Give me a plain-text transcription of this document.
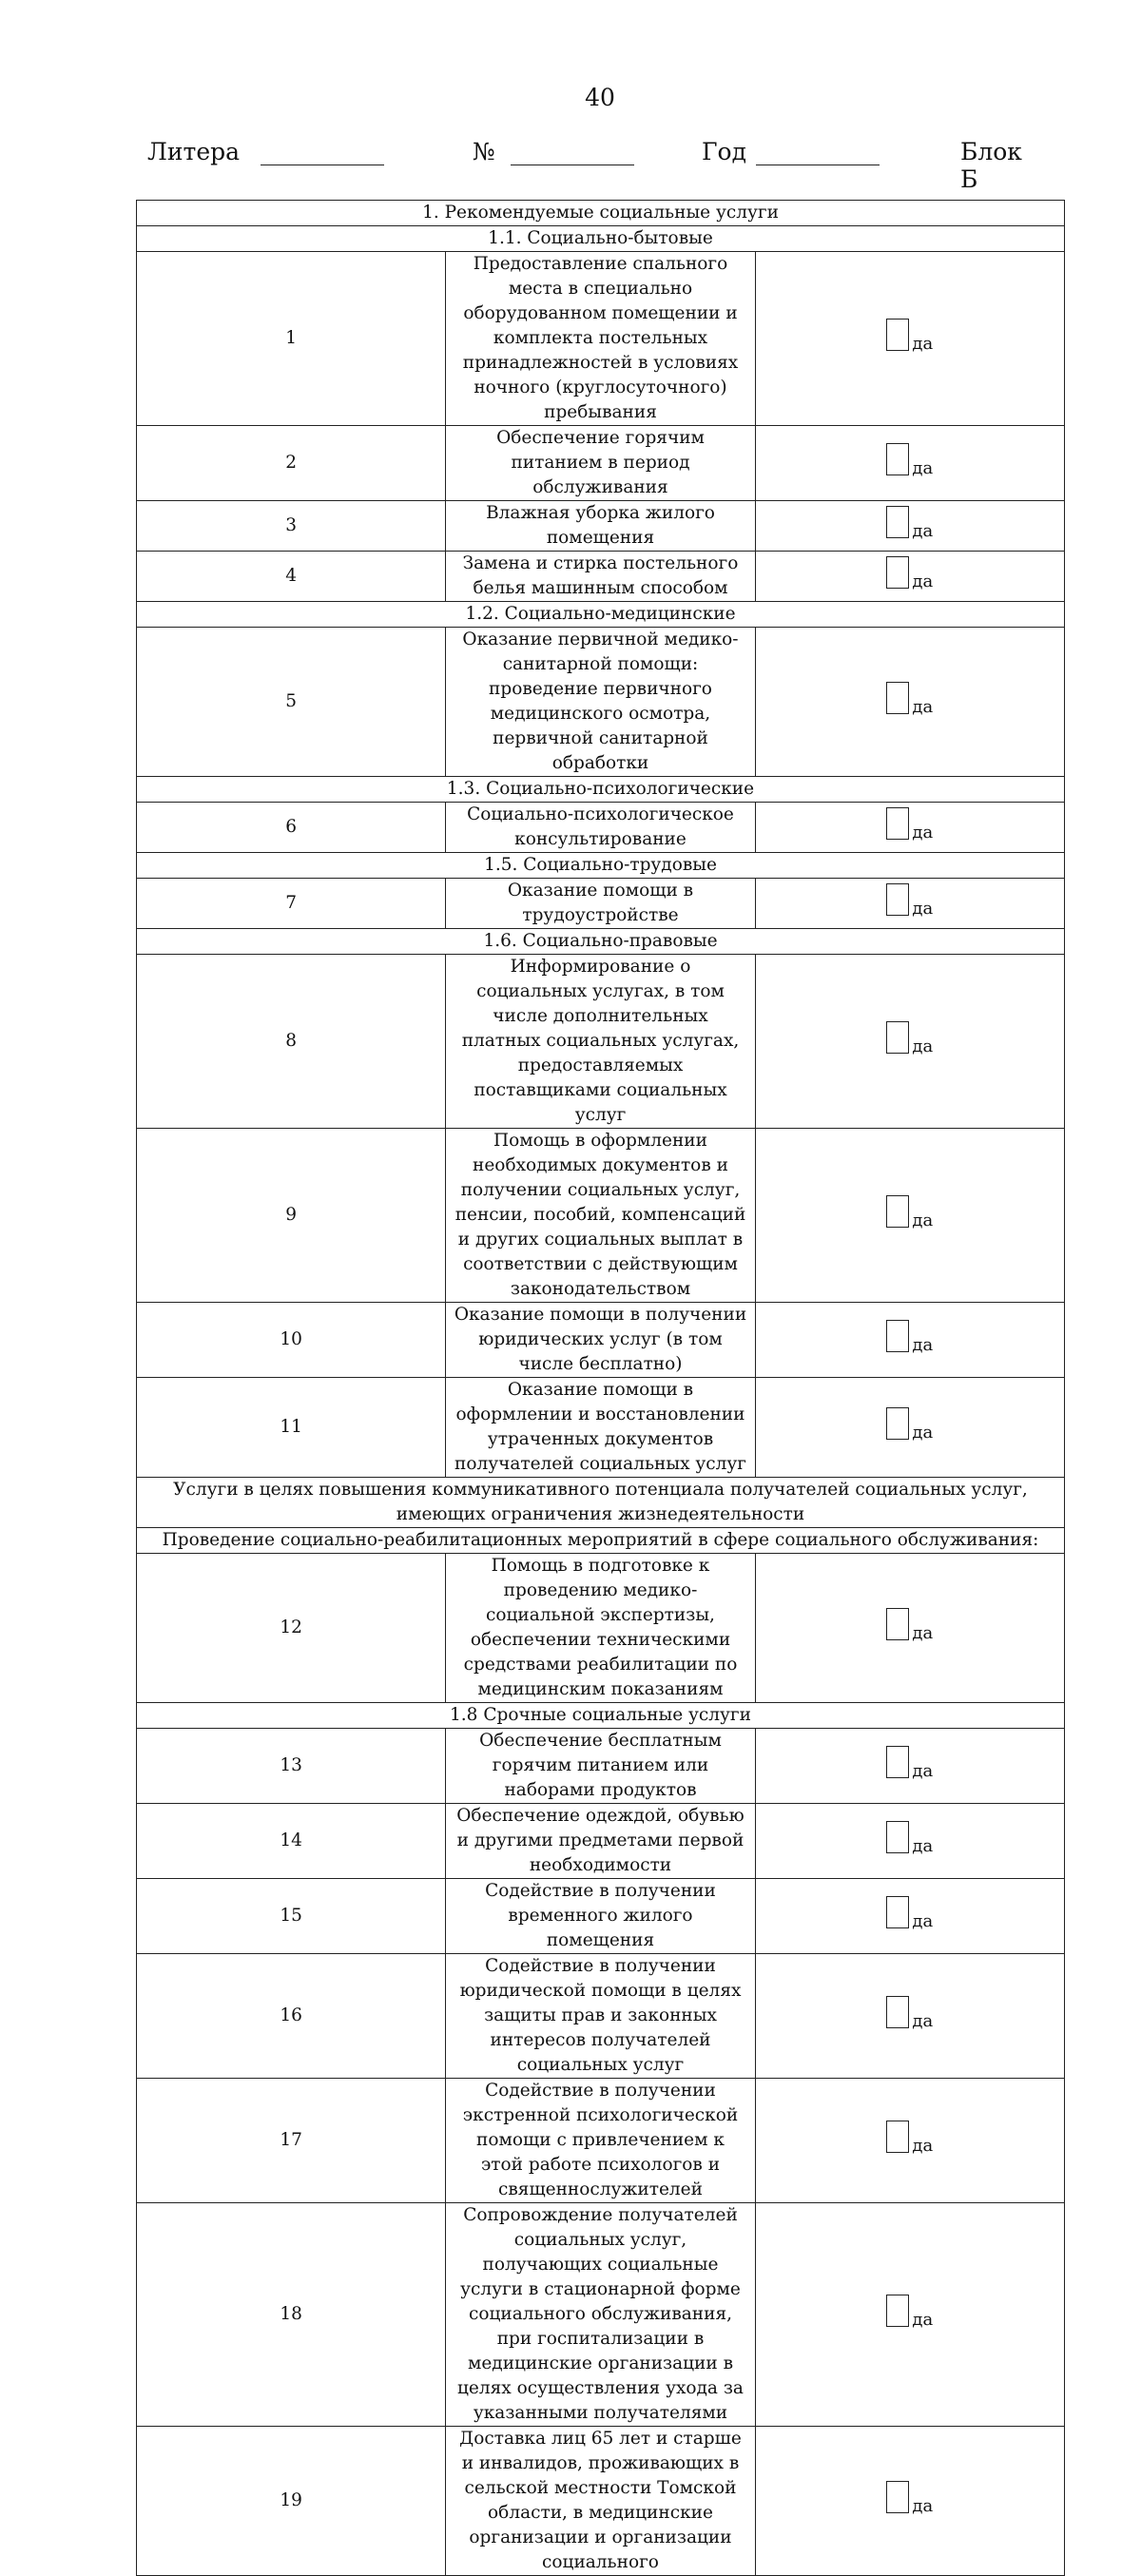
40
Литера	№	Год	Блок Б
1. Рекомендуемые социальные услуги		
1.1. Социально-бытовые		
1	Предоставление спального места в специально оборудованном помещении и комплекта постельных принадлежностей в условиях ночного (круглосуточного) пребывания	да

2	Обеспечение горячим питанием в период обслуживания	да

3	Влажная уборка жилого помещения	да

4	Замена и стирка постельного белья машинным способом	да

1.2. Социально-медицинские		
5	Оказание первичной медико-санитарной помощи: проведение первичного медицинского осмотра, первичной санитарной обработки	да

1.3. Социально-психологические		
6	Социально-психологическое консультирование	да

1.5. Социально-трудовые		
7	Оказание помощи в трудоустройстве	да

1.6. Социально-правовые		
8	Информирование о социальных услугах, в том числе дополнительных платных социальных услугах, предоставляемых поставщиками социальных услуг	да

9	Помощь в оформлении необходимых документов и получении социальных услуг, пенсии, пособий, компенсаций и других социальных выплат в соответствии с действующим законодательством	да

10	Оказание помощи в получении юридических услуг (в том числе бесплатно)	да

11	Оказание помощи в оформлении и восстановлении утраченных документов получателей социальных услуг	да

Услуги в целях повышения коммуникативного потенциала получателей социальных услуг, имеющих ограничения жизнедеятельности		
Проведение социально-реабилитационных мероприятий в сфере социального обслуживания:		
12	Помощь в подготовке к проведению медико-социальной экспертизы, обеспечении техническими средствами реабилитации по медицинским показаниям	да

1.8 Срочные социальные услуги		
13	Обеспечение бесплатным горячим питанием или наборами продуктов	да

14	Обеспечение одеждой, обувью и другими предметами первой необходимости	да

15	Содействие в получении временного жилого помещения	да

16	Содействие в получении юридической помощи в целях защиты прав и законных интересов получателей социальных услуг	да

17	Содействие в получении экстренной психологической помощи с привлечением к этой работе психологов и священнослужителей	да

18	Сопровождение получателей социальных услуг, получающих социальные услуги в стационарной форме социального обслуживания, при госпитализации в медицинские организации в целях осуществления ухода за указанными получателями	да

19	Доставка лиц 65 лет и старше и инвалидов, проживающих в сельской местности Томской области, в медицинские организации и организации социального	да
